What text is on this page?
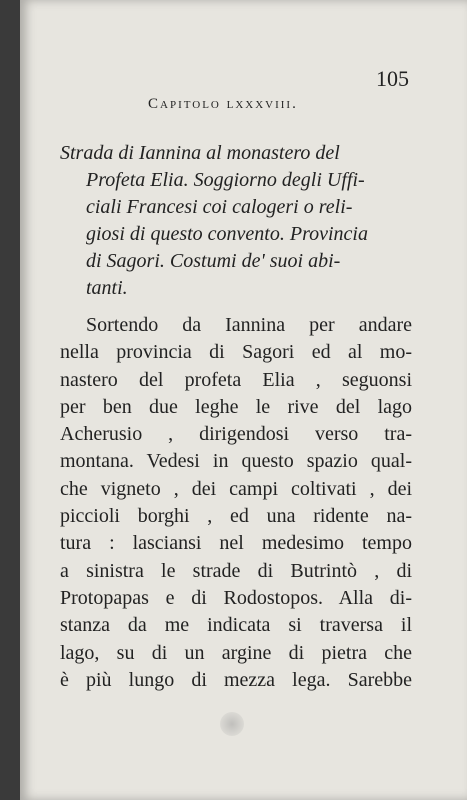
105
Capitolo lxxxviii.
Strada di Iannina al monastero del
Profeta Elia. Soggiorno degli Uffi-
ciali Francesi coi calogeri o reli-
giosi di questo convento. Provincia
di Sagori. Costumi de' suoi abi-
tanti.
Sortendo da Iannina per andare
nella provincia di Sagori ed al mo-
nastero del profeta Elia , seguonsi
per ben due leghe le rive del lago
Acherusio , dirigendosi verso tra-
montana. Vedesi in questo spazio qual-
che vigneto , dei campi coltivati , dei
piccioli borghi , ed una ridente na-
tura : lasciansi nel medesimo tempo
a sinistra le strade di Butrintò , di
Protopapas e di Rodostopos. Alla di-
stanza da me indicata si traversa il
lago, su di un argine di pietra che
è più lungo di mezza lega. Sarebbe
